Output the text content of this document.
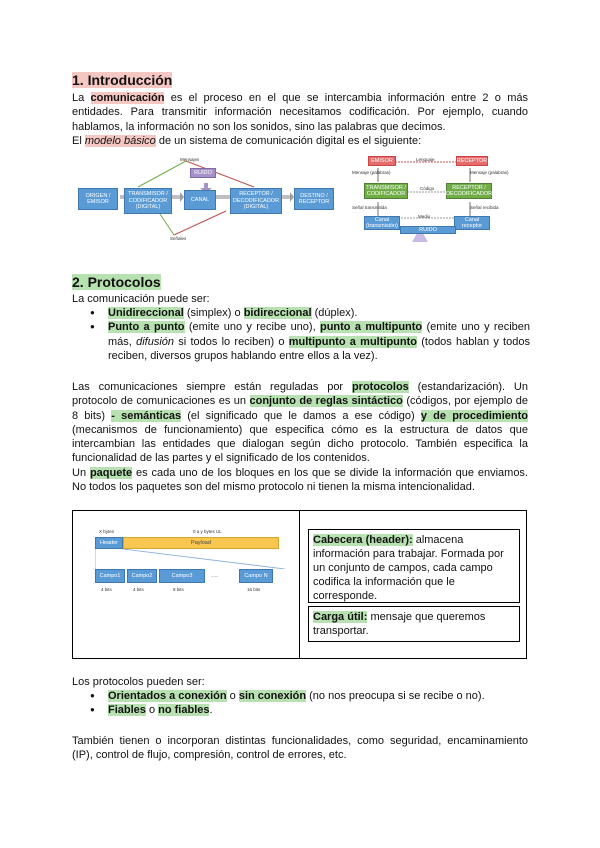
1. Introducción

La comunicación es el proceso en el que se intercambia información entre 2 o más entidades. Para transmitir información necesitamos codificación. Por ejemplo, cuando hablamos, la información no son los sonidos, sino las palabras que decimos.

El modelo básico de un sistema de comunicación digital es el siguiente:

ORIGEN / EMISOR
TRANSMISOR / CODIFICADOR (DIGITAL)
CANAL
RUIDO
RECEPTOR / DECODIFICADOR (DIGITAL)
DESTINO / RECEPTOR
Mensajes
Señales
EMISOR	RECEPTOR
TRANSMISOR / CODIFICADOR
RECEPTOR / DECODIFICADOR
Canal (transmisión)
Canal receptor
RUIDO
Lenguaje
Código
Mensaje (palabras)	Mensaje (palabras)
Señal transmitida	Señal recibida
Medio
2. Protocolos

La comunicación puede ser:

● Unidireccional (simplex) o bidireccional (dúplex).
● Punto a punto (emite uno y recibe uno), punto a multipunto (emite uno y reciben más, difusión si todos lo reciben) o multipunto a multipunto (todos hablan y todos reciben, diversos grupos hablando entre ellos a la vez).

Las comunicaciones siempre están reguladas por protocolos (estandarización). Un protocolo de comunicaciones es un conjunto de reglas sintáctico (códigos, por ejemplo de 8 bits) - semánticas (el significado que le damos a ese código) y de procedimiento (mecanismos de funcionamiento) que especifica cómo es la estructura de datos que intercambian las entidades que dialogan según dicho protocolo. También especifica la funcionalidad de las partes y el significado de los contenidos.

Un paquete es cada uno de los bloques en los que se divide la información que enviamos. No todos los paquetes son del mismo protocolo ni tienen la misma intencionalidad.

X bytes	0 a y bytes UL
Header	Payload
Campo1	Campo2	Campo3	......	Campo N
4 bits	4 bits	8 bits	16 bits
Cabecera (header): almacena información para trabajar. Formada por un conjunto de campos, cada campo codifica la información que le corresponde.
Carga útil: mensaje que queremos transportar.

Los protocolos pueden ser:

● Orientados a conexión o sin conexión (no nos preocupa si se recibe o no).
● Fiables o no fiables.

También tienen o incorporan distintas funcionalidades, como seguridad, encaminamiento (IP), control de flujo, compresión, control de errores, etc.
